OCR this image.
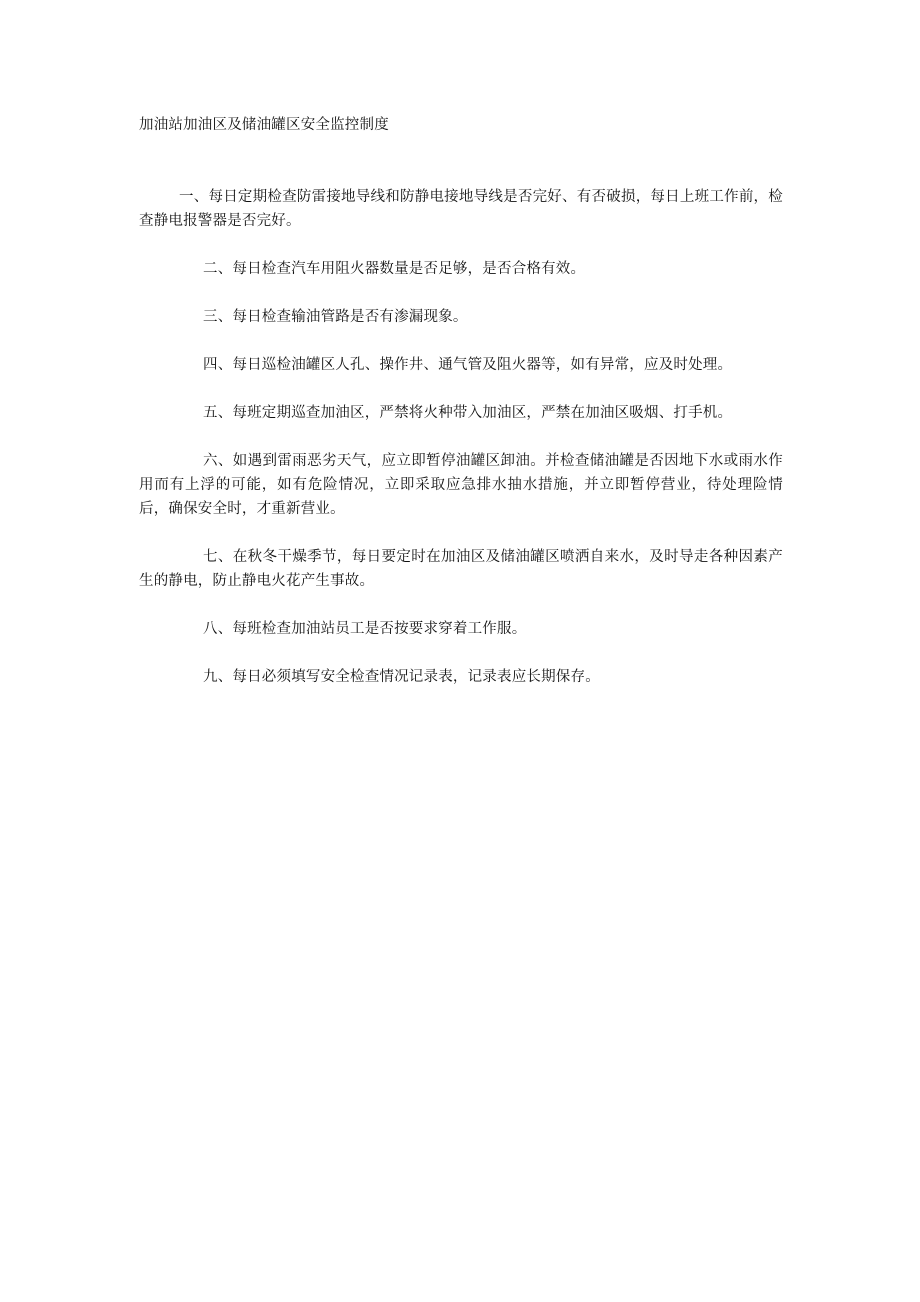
加油站加油区及储油罐区安全监控制度

一、每日定期检查防雷接地导线和防静电接地导线是否完好、有否破损，每日上班工作前，检查静电报警器是否完好。

二、每日检查汽车用阻火器数量是否足够，是否合格有效。

三、每日检查输油管路是否有渗漏现象。

四、每日巡检油罐区人孔、操作井、通气管及阻火器等，如有异常，应及时处理。

五、每班定期巡查加油区，严禁将火种带入加油区，严禁在加油区吸烟、打手机。

六、如遇到雷雨恶劣天气，应立即暂停油罐区卸油。并检查储油罐是否因地下水或雨水作用而有上浮的可能，如有危险情况，立即采取应急排水抽水措施，并立即暂停营业，待处理险情后，确保安全时，才重新营业。

七、在秋冬干燥季节，每日要定时在加油区及储油罐区喷洒自来水，及时导走各种因素产生的静电，防止静电火花产生事故。

八、每班检查加油站员工是否按要求穿着工作服。

九、每日必须填写安全检查情况记录表，记录表应长期保存。
